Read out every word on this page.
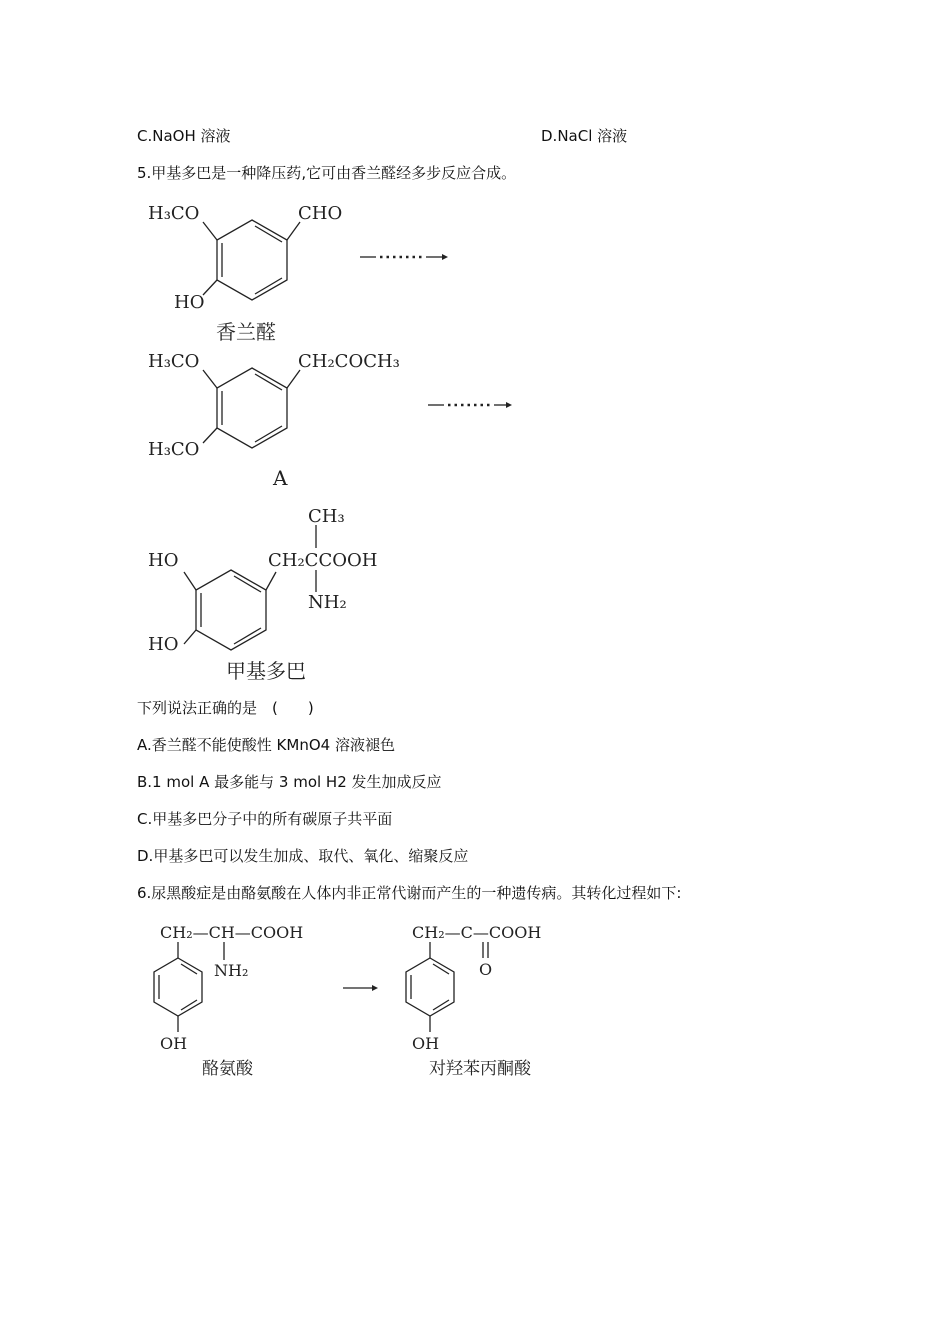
C.NaOH 溶液	D.NaCl 溶液
5.甲基多巴是一种降压药,它可由香兰醛经多步反应合成。
H₃CO	CHO
HO
香兰醛
H₃CO	CH₂COCH₃
H₃CO
A
CH₃
CH₂CCOOH
HO
NH₂
HO
甲基多巴
下列说法正确的是　(　　)
A.香兰醛不能使酸性 KMnO4 溶液褪色
B.1 mol A 最多能与 3 mol H2 发生加成反应
C.甲基多巴分子中的所有碳原子共平面
D.甲基多巴可以发生加成、取代、氧化、缩聚反应
6.尿黑酸症是由酪氨酸在人体内非正常代谢而产生的一种遗传病。其转化过程如下:
CH₂—CH—COOH
NH₂
OH
酪氨酸
CH₂—C—COOH
O
OH
对羟苯丙酮酸
